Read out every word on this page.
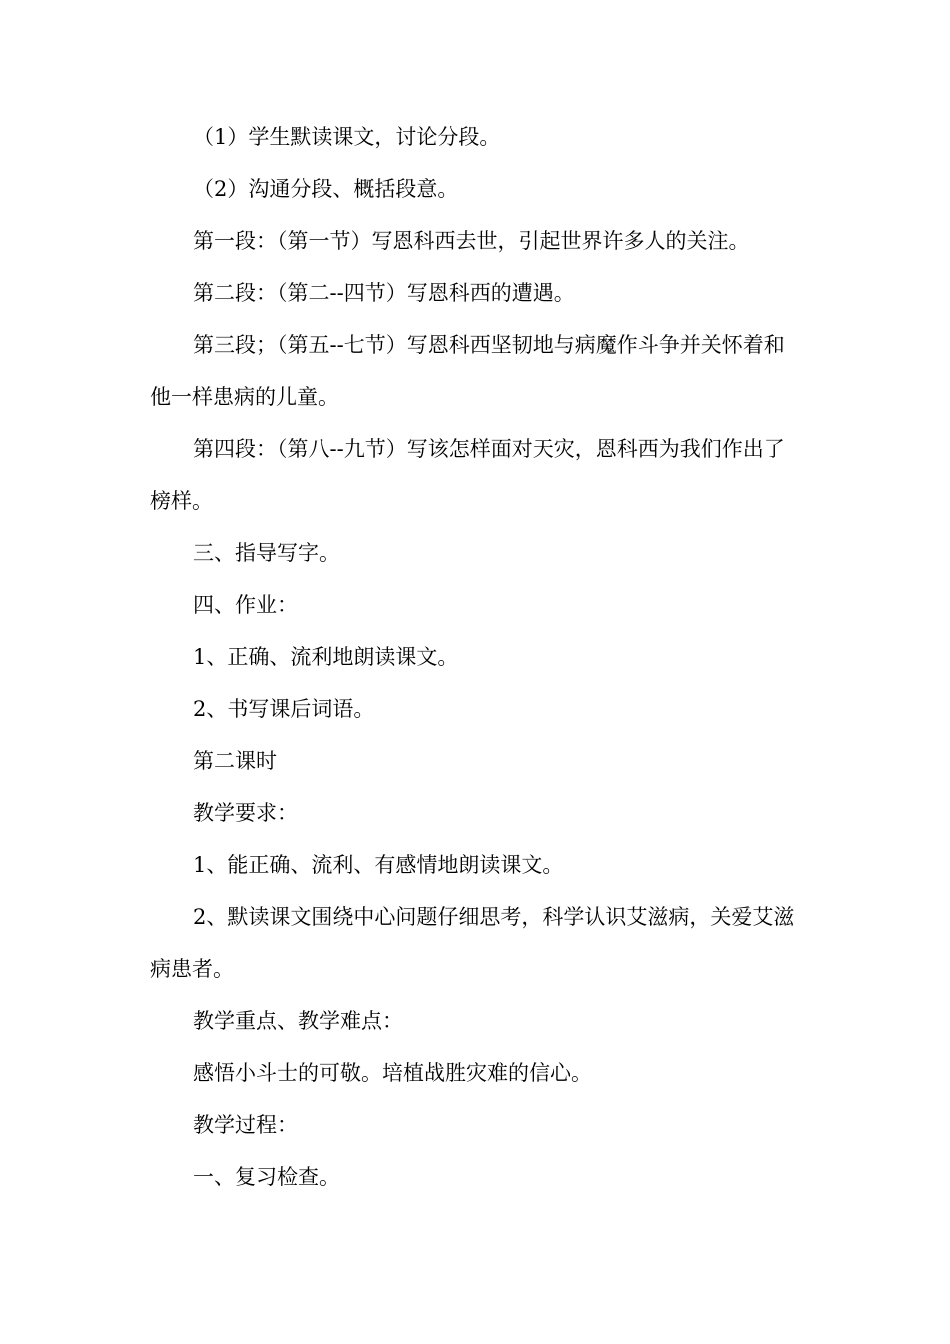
（1）学生默读课文，讨论分段。

（2）沟通分段、概括段意。

第一段：（第一节）写恩科西去世，引起世界许多人的关注。

第二段：（第二--四节）写恩科西的遭遇。

第三段；（第五--七节）写恩科西坚韧地与病魔作斗争并关怀着和他一样患病的儿童。

第四段：（第八--九节）写该怎样面对天灾，恩科西为我们作出了榜样。

三、指导写字。

四、作业：

1、正确、流利地朗读课文。

2、书写课后词语。

第二课时

教学要求：

1、能正确、流利、有感情地朗读课文。

2、默读课文围绕中心问题仔细思考，科学认识艾滋病，关爱艾滋病患者。

教学重点、教学难点：

感悟小斗士的可敬。培植战胜灾难的信心。

教学过程：

一、复习检查。
